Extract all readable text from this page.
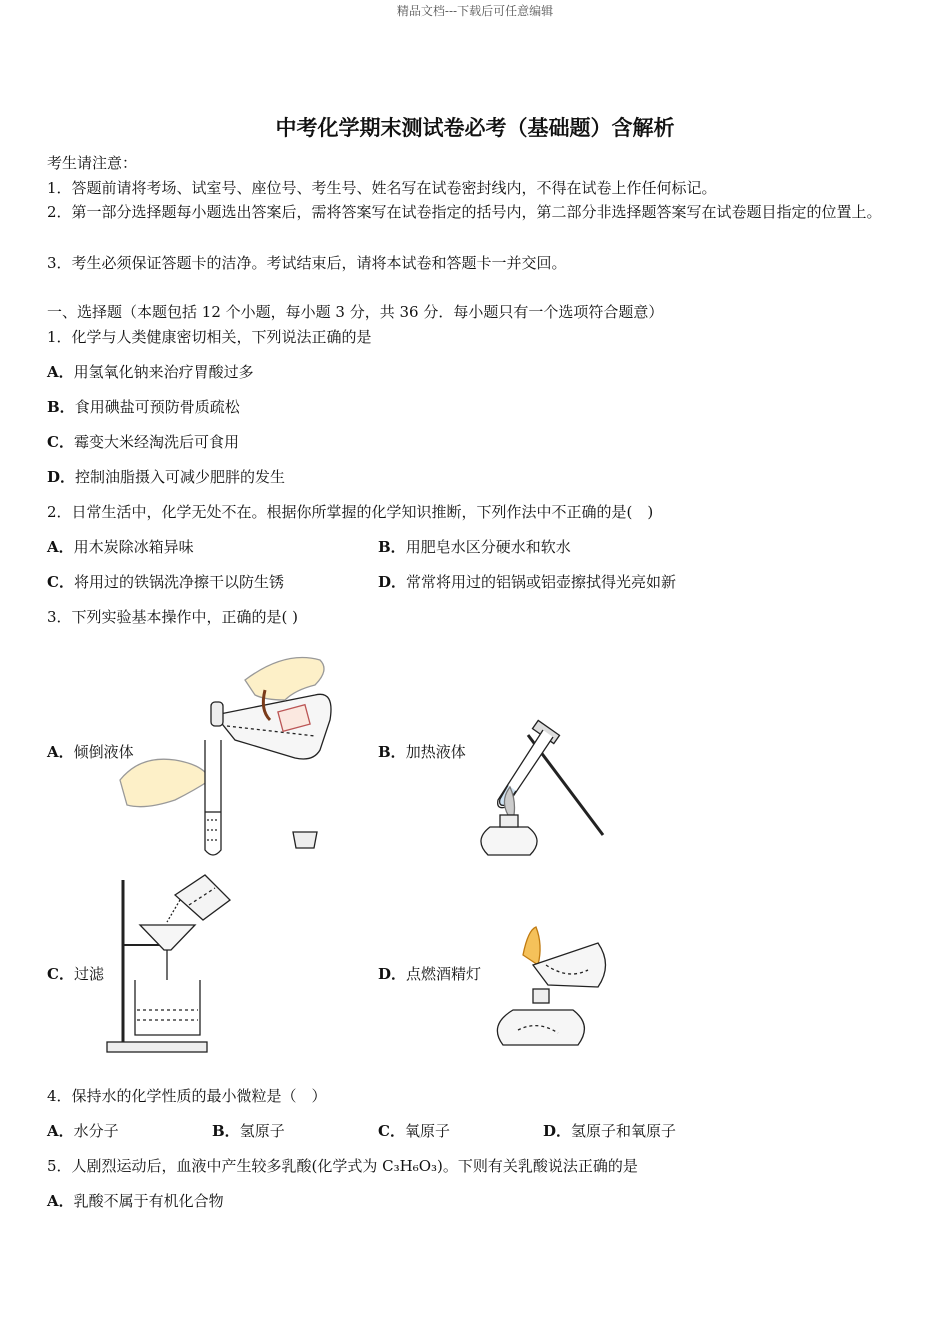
精品文档---下载后可任意编辑
中考化学期末测试卷必考（基础题）含解析
考生请注意：
1．答题前请将考场、试室号、座位号、考生号、姓名写在试卷密封线内，不得在试卷上作任何标记。
2．第一部分选择题每小题选出答案后，需将答案写在试卷指定的括号内，第二部分非选择题答案写在试卷题目指定的位置上。
3．考生必须保证答题卡的洁净。考试结束后，请将本试卷和答题卡一并交回。
一、选择题（本题包括 12 个小题，每小题 3 分，共 36 分．每小题只有一个选项符合题意）
1．化学与人类健康密切相关，下列说法正确的是
A．用氢氧化钠来治疗胃酸过多
B．食用碘盐可预防骨质疏松
C．霉变大米经淘洗后可食用
D．控制油脂摄入可减少肥胖的发生
2．日常生活中，化学无处不在。根据你所掌握的化学知识推断，下列作法中不正确的是(　)
A．用木炭除冰箱异味	B．用肥皂水区分硬水和软水
C．将用过的铁锅洗净擦干以防生锈	D．常常将用过的铝锅或铝壶擦拭得光亮如新
3．下列实验基本操作中，正确的是( )
A．倾倒液体	B．加热液体
C．过滤	D．点燃酒精灯
4．保持水的化学性质的最小微粒是（　）
A．水分子	B．氢原子	C．氧原子	D．氢原子和氧原子
5．人剧烈运动后，血液中产生较多乳酸(化学式为 C₃H₆O₃)。下则有关乳酸说法正确的是
A．乳酸不属于有机化合物
